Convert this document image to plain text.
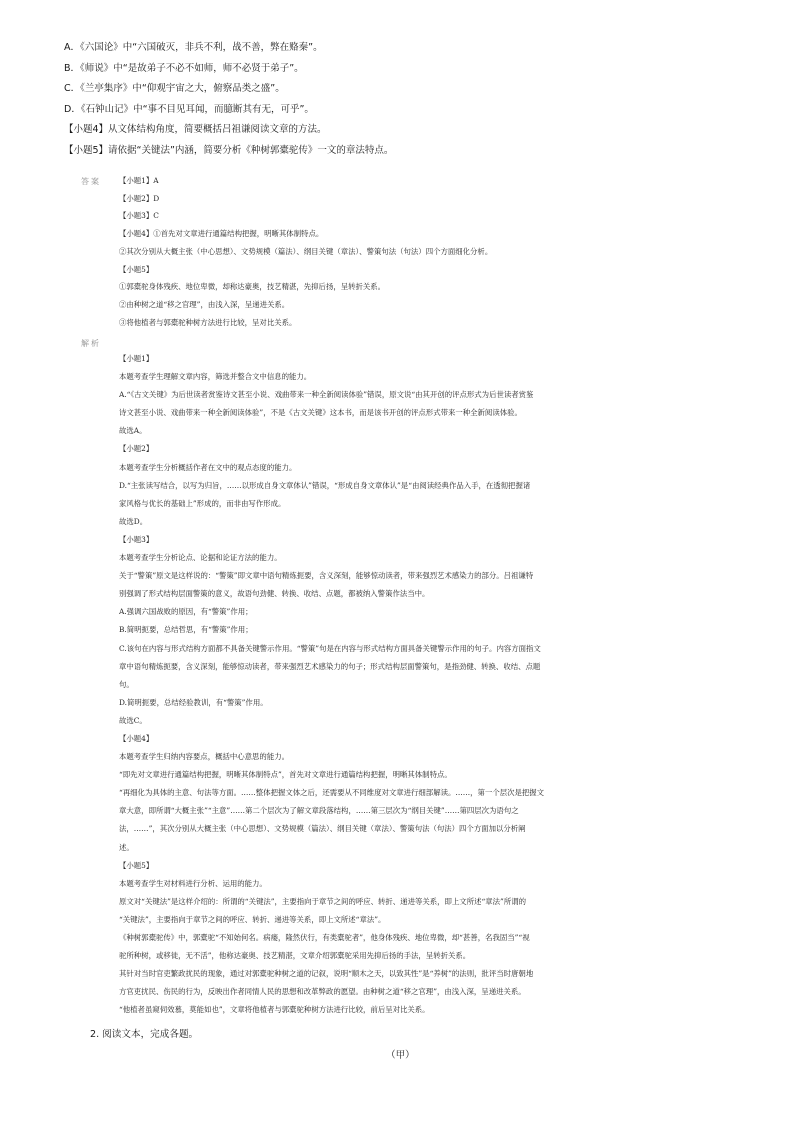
A．《六国论》中“六国破灭，非兵不利，战不善，弊在赂秦”。
B．《师说》中“是故弟子不必不如师，师不必贤于弟子”。
C．《兰亭集序》中“仰观宇宙之大，俯察品类之盛”。
D．《石钟山记》中“事不目见耳闻，而臆断其有无，可乎”。
【小题4】从文体结构角度，简要概括吕祖谦阅读文章的方法。
【小题5】请依据“关键法”内涵，简要分析《种树郭橐驼传》一文的章法特点。
答案 【小题1】A
【小题2】D
【小题3】C
【小题4】①首先对文章进行通篇结构把握，明晰其体制特点。
②其次分别从大概主张（中心思想）、文势规模（篇法）、纲目关键（章法）、警策句法（句法）四个方面细化分析。
【小题5】
①郭橐驼身体残疾、地位卑微，却称达豪奥，技艺精湛，先抑后扬，呈转折关系。
②由种树之道“移之官理”，由浅入深，呈递进关系。
③将他植者与郭橐驼种树方法进行比较，呈对比关系。
解析
【小题1】
本题考查学生理解文章内容，筛选并整合文中信息的能力。
A.“《古文关键》为后世读者赏鉴诗文甚至小说、戏曲带来一种全新阅读体验”错误，原文说“由其开创的评点形式为后世读者赏鉴
诗文甚至小说、戏曲带来一种全新阅读体验”，不是《古文关键》这本书，而是该书开创的评点形式带来一种全新阅读体验。
故选A。
【小题2】
本题考查学生分析概括作者在文中的观点态度的能力。
D.“主张读写结合，以写为归旨，……以形成自身文章体认”错误，“形成自身文章体认”是“由阅读经典作品入手，在透彻把握诸
家风格与优长的基础上”形成的，而非由写作形成。
故选D。
【小题3】
本题考查学生分析论点、论据和论证方法的能力。
关于“警策”原文是这样说的：“警策”即文章中语句精炼扼要，含义深刻，能够惊动读者，带来强烈艺术感染力的部分。吕祖谦特
别强调了形式结构层面警策的意义，故语句劲健、转换、收结、点题，都被纳入警策作法当中。
A.强调六国战败的原因，有“警策”作用；
B.简明扼要，总结哲思，有“警策”作用；
C.该句在内容与形式结构方面都不具备关键警示作用。“警策”句是在内容与形式结构方面具备关键警示作用的句子。内容方面指文
章中语句精炼扼要，含义深刻，能够惊动读者，带来强烈艺术感染力的句子；形式结构层面警策句，是指劲健、转换、收结、点题
句。
D.简明扼要，总结经验教训，有“警策”作用。
故选C。
【小题4】
本题考查学生归纳内容要点，概括中心意思的能力。
“即先对文章进行通篇结构把握，明晰其体制特点”，首先对文章进行通篇结构把握，明晰其体制特点。
“再细化为具体的主意、句法等方面。……整体把握文体之后，还需要从不同维度对文章进行细部解读。……，第一个层次是把握文
章大意，即所谓“大概主张”“主意”……第二个层次为了解文章段落结构，……第三层次为“纲目关键”……第四层次为语句之
法，……”，其次分别从大概主张（中心思想）、文势规模（篇法）、纲目关键（章法）、警策句法（句法）四个方面加以分析阐
述。
【小题5】
本题考查学生对材料进行分析、运用的能力。
原文对“关键法”是这样介绍的：所谓的“关键法”，主要指向于章节之间的呼应、转折、递进等关系，即上文所述“章法”所谓的
“关键法”，主要指向于章节之间的呼应、转折、递进等关系，即上文所述“章法”。
《种树郭橐驼传》中，郭橐驼“不知始何名。病瘘，隆然伏行，有类橐驼者”，他身体残疾、地位卑微，却“甚善，名我固当”“视
驼所种树，或移徙，无不活”，他称达豪奥、技艺精湛，文章介绍郭橐驼采用先抑后扬的手法，呈转折关系。
其针对当时官吏繁政扰民的现象，通过对郭橐驼种树之道的记叙，说明“顺木之天，以致其性”是“养树”的法则，批评当时唐朝地
方官吏扰民、伤民的行为，反映出作者同情人民的思想和改革弊政的愿望。由种树之道“移之官理”，由浅入深，呈递进关系。
“他植者虽窥伺效慕，莫能如也”，文章将他植者与郭橐驼种树方法进行比较，前后呈对比关系。
2. 阅读文本，完成各题。
（甲）
